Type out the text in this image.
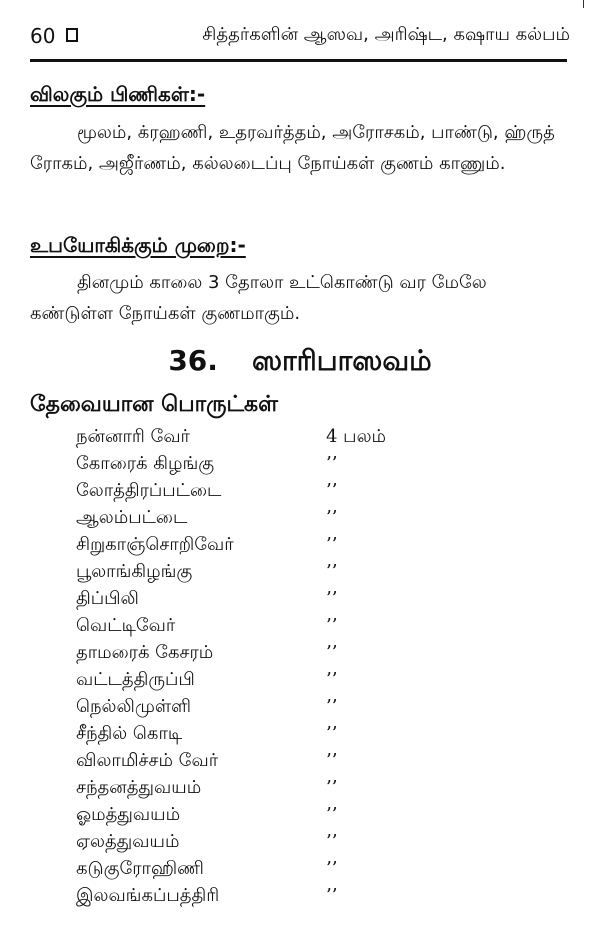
60	சித்தர்களின் ஆஸவ, அரிஷ்ட, கஷாய கல்பம்
விலகும் பிணிகள்:-
மூலம், க்ரஹணி, உதரவர்த்தம், அரோசகம், பாண்டு, ஹ்ருத் ரோகம், அஜீர்ணம், கல்லடைப்பு நோய்கள் குணம் காணும்.
உபயோகிக்கும் முறை:-
தினமும் காலை 3 தோலா உட்கொண்டு வர மேலே கண்டுள்ள நோய்கள் குணமாகும்.
36. ஸாரிபாஸவம்
தேவையான பொருட்கள்
நன்னாரி வேர்	4 பலம்
கோரைக் கிழங்கு	’’
லோத்திரப்பட்டை	’’
ஆலம்பட்டை	’’
சிறுகாஞ்சொறிவேர்	’’
பூலாங்கிழங்கு	’’
திப்பிலி	’’
வெட்டிவேர்	’’
தாமரைக் கேசரம்	’’
வட்டத்திருப்பி	’’
நெல்லிமுள்ளி	’’
சீந்தில் கொடி	’’
விலாமிச்சம் வேர்	’’
சந்தனத்துவயம்	’’
ஓமத்துவயம்	’’
ஏலத்துவயம்	’’
கடுகுரோஹிணி	’’
இலவங்கப்பத்திரி	’’
